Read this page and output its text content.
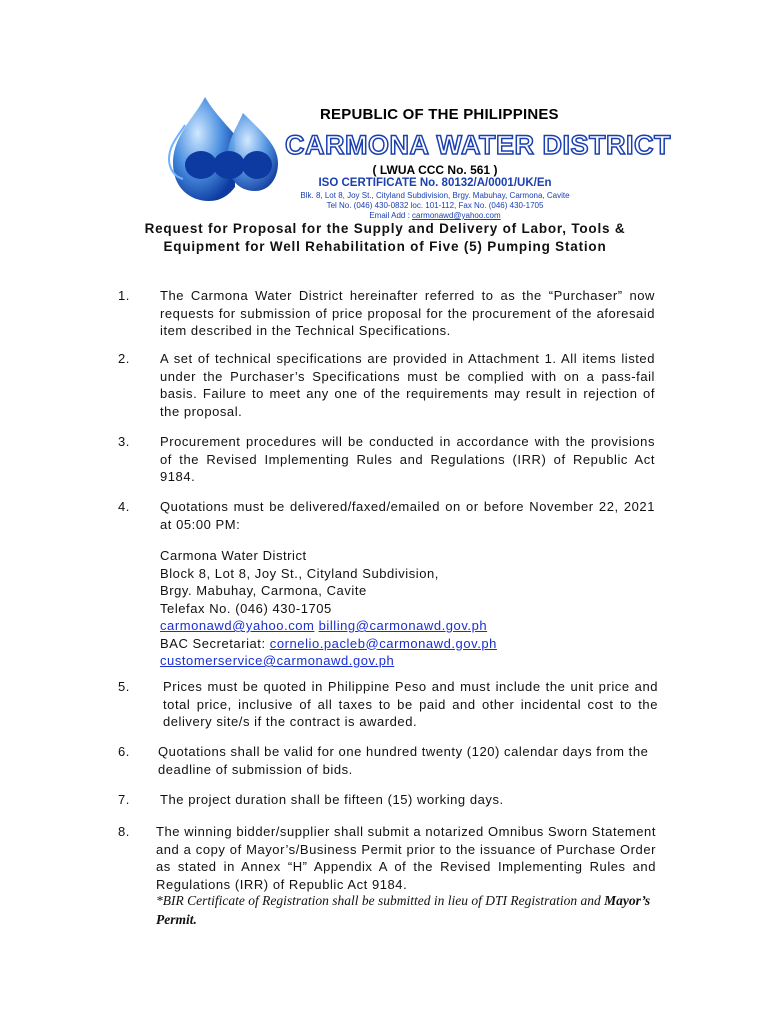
REPUBLIC OF THE PHILIPPINES
CARMONA WATER DISTRICT
( LWUA CCC No. 561 )
ISO CERTIFICATE No. 80132/A/0001/UK/En
Blk. 8, Lot 8, Joy St., Cityland Subdivision, Brgy. Mabuhay, Carmona, Cavite
Tel No. (046) 430-0832 loc. 101-112, Fax No. (046) 430-1705
Email Add : carmonawd@yahoo.com
Request for Proposal for the Supply and Delivery of Labor, Tools &
Equipment for Well Rehabilitation of Five (5) Pumping Station
1. The Carmona Water District hereinafter referred to as the “Purchaser” now requests for submission of price proposal for the procurement of the aforesaid item described in the Technical Specifications.
2. A set of technical specifications are provided in Attachment 1. All items listed under the Purchaser’s Specifications must be complied with on a pass-fail basis. Failure to meet any one of the requirements may result in rejection of the proposal.
3. Procurement procedures will be conducted in accordance with the provisions of the Revised Implementing Rules and Regulations (IRR) of Republic Act 9184.
4. Quotations must be delivered/faxed/emailed on or before November 22, 2021 at 05:00 PM:
Carmona Water District
Block 8, Lot 8, Joy St., Cityland Subdivision,
Brgy. Mabuhay, Carmona, Cavite
Telefax No. (046) 430-1705
carmonawd@yahoo.com billing@carmonawd.gov.ph
BAC Secretariat: cornelio.pacleb@carmonawd.gov.ph
customerservice@carmonawd.gov.ph
5.	Prices must be quoted in Philippine Peso and must include the unit price and total price, inclusive of all taxes to be paid and other incidental cost to the delivery site/s if the contract is awarded.
6. Quotations shall be valid for one hundred twenty (120) calendar days from the deadline of submission of bids.
7. The project duration shall be fifteen (15) working days.
8. The winning bidder/supplier shall submit a notarized Omnibus Sworn Statement and a copy of Mayor’s/Business Permit prior to the issuance of Purchase Order as stated in Annex “H” Appendix A of the Revised Implementing Rules and Regulations (IRR) of Republic Act 9184.
*BIR Certificate of Registration shall be submitted in lieu of DTI Registration and Mayor’s Permit.
